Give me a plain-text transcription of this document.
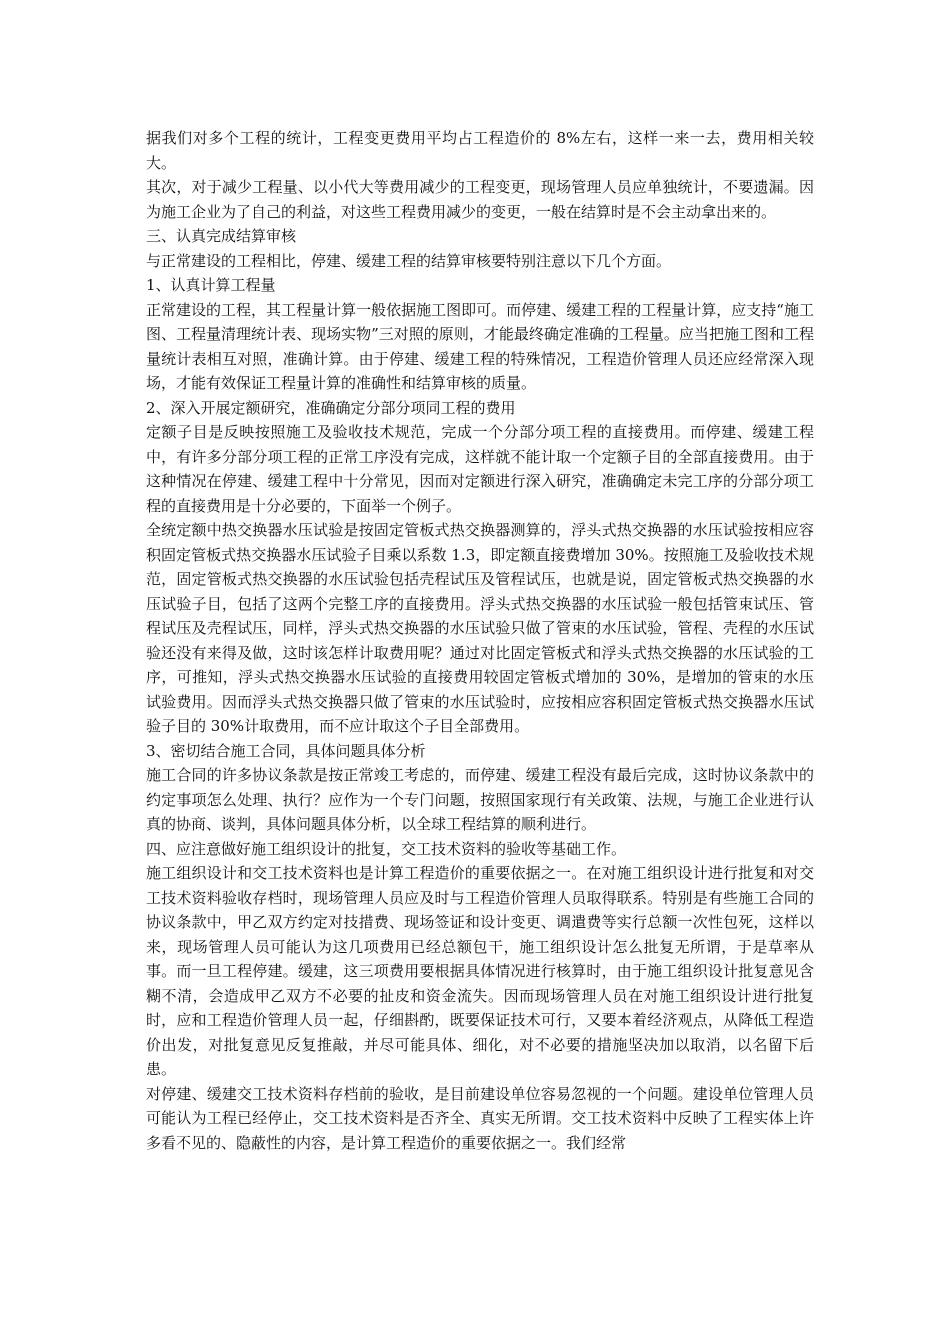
据我们对多个工程的统计，工程变更费用平均占工程造价的 8%左右，这样一来一去，费用相关较大。

其次，对于减少工程量、以小代大等费用减少的工程变更，现场管理人员应单独统计，不要遗漏。因为施工企业为了自己的利益，对这些工程费用减少的变更，一般在结算时是不会主动拿出来的。

三、认真完成结算审核

与正常建设的工程相比，停建、缓建工程的结算审核要特别注意以下几个方面。

1、认真计算工程量

正常建设的工程，其工程量计算一般依据施工图即可。而停建、缓建工程的工程量计算，应支持“施工图、工程量清理统计表、现场实物”三对照的原则，才能最终确定准确的工程量。应当把施工图和工程量统计表相互对照，准确计算。由于停建、缓建工程的特殊情况，工程造价管理人员还应经常深入现场，才能有效保证工程量计算的准确性和结算审核的质量。

2、深入开展定额研究，准确确定分部分项同工程的费用

定额子目是反映按照施工及验收技术规范，完成一个分部分项工程的直接费用。而停建、缓建工程中，有许多分部分项工程的正常工序没有完成，这样就不能计取一个定额子目的全部直接费用。由于这种情况在停建、缓建工程中十分常见，因而对定额进行深入研究，准确确定未完工序的分部分项工程的直接费用是十分必要的，下面举一个例子。

全统定额中热交换器水压试验是按固定管板式热交换器测算的，浮头式热交换器的水压试验按相应容积固定管板式热交换器水压试验子目乘以系数 1.3，即定额直接费增加 30%。按照施工及验收技术规范，固定管板式热交换器的水压试验包括壳程试压及管程试压，也就是说，固定管板式热交换器的水压试验子目，包括了这两个完整工序的直接费用。浮头式热交换器的水压试验一般包括管束试压、管程试压及壳程试压，同样，浮头式热交换器的水压试验只做了管束的水压试验，管程、壳程的水压试验还没有来得及做，这时该怎样计取费用呢？通过对比固定管板式和浮头式热交换器的水压试验的工序，可推知，浮头式热交换器水压试验的直接费用较固定管板式增加的 30%，是增加的管束的水压试验费用。因而浮头式热交换器只做了管束的水压试验时，应按相应容积固定管板式热交换器水压试验子目的 30%计取费用，而不应计取这个子目全部费用。

3、密切结合施工合同，具体问题具体分析

施工合同的许多协议条款是按正常竣工考虑的，而停建、缓建工程没有最后完成，这时协议条款中的约定事项怎么处理、执行？应作为一个专门问题，按照国家现行有关政策、法规，与施工企业进行认真的协商、谈判，具体问题具体分析，以全球工程结算的顺利进行。

四、应注意做好施工组织设计的批复，交工技术资料的验收等基础工作。

施工组织设计和交工技术资料也是计算工程造价的重要依据之一。在对施工组织设计进行批复和对交工技术资料验收存档时，现场管理人员应及时与工程造价管理人员取得联系。特别是有些施工合同的协议条款中，甲乙双方约定对技措费、现场签证和设计变更、调遣费等实行总额一次性包死，这样以来，现场管理人员可能认为这几项费用已经总额包干，施工组织设计怎么批复无所谓，于是草率从事。而一旦工程停建。缓建，这三项费用要根据具体情况进行核算时，由于施工组织设计批复意见含糊不清，会造成甲乙双方不必要的扯皮和资金流失。因而现场管理人员在对施工组织设计进行批复时，应和工程造价管理人员一起，仔细斟酌，既要保证技术可行，又要本着经济观点，从降低工程造价出发，对批复意见反复推敲，并尽可能具体、细化，对不必要的措施坚决加以取消，以名留下后患。

对停建、缓建交工技术资料存档前的验收，是目前建设单位容易忽视的一个问题。建设单位管理人员可能认为工程已经停止，交工技术资料是否齐全、真实无所谓。交工技术资料中反映了工程实体上许多看不见的、隐蔽性的内容，是计算工程造价的重要依据之一。我们经常
